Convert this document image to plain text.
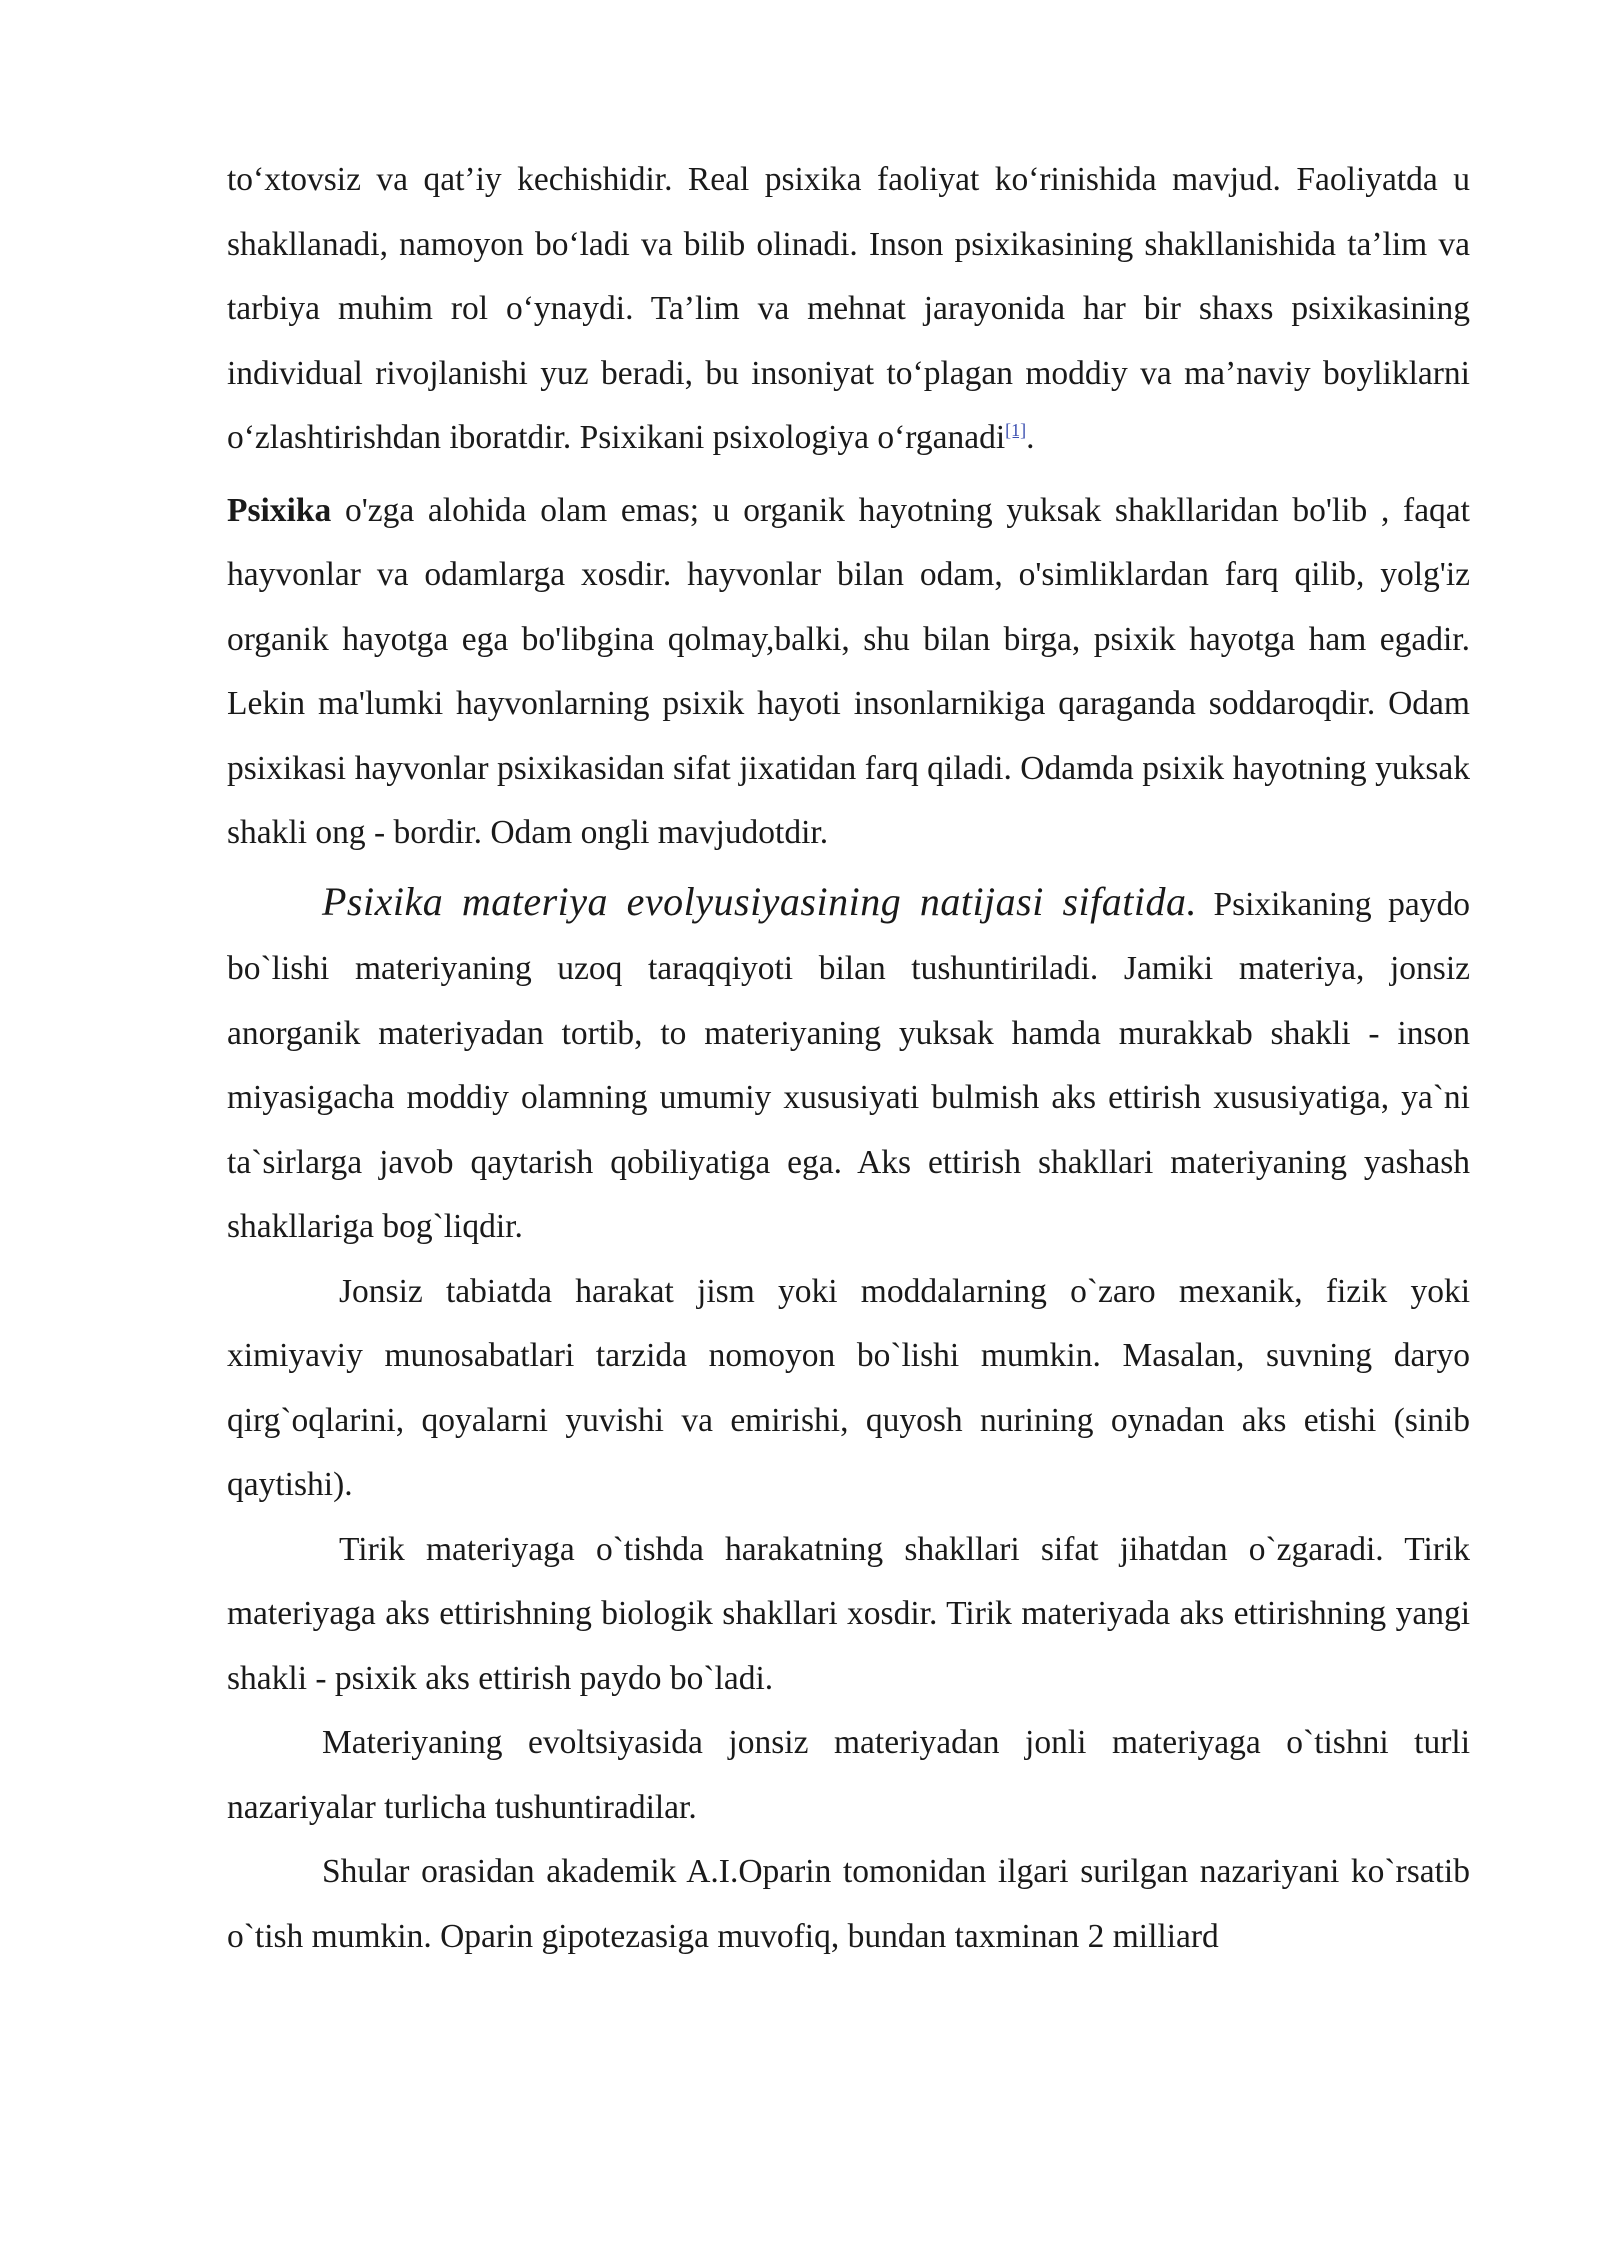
to‘xtovsiz va qat’iy kechishidir. Real psixika faoliyat ko‘rinishida mavjud. Faoliyatda u shakllanadi, namoyon bo‘ladi va bilib olinadi. Inson psixikasining shakllanishida ta’lim va tarbiya muhim rol o‘ynaydi. Ta’lim va mehnat jarayonida har bir shaxs psixikasining individual rivojlanishi yuz beradi, bu insoniyat to‘plagan moddiy va ma’naviy boyliklarni o‘zlashtirishdan iboratdir. Psixikani psixologiya o‘rganadi[1].

Psixika o'zga alohida olam emas; u organik hayotning yuksak shakllaridan bo'lib , faqat hayvonlar va odamlarga xosdir. hayvonlar bilan odam, o'simliklardan farq qilib, yolg'iz organik hayotga ega bo'libgina qolmay,balki, shu bilan birga, psixik hayotga ham egadir. Lekin ma'lumki hayvonlarning psixik hayoti insonlarnikiga qaraganda soddaroqdir. Odam psixikasi hayvonlar psixikasidan sifat jixatidan farq qiladi. Odamda psixik hayotning yuksak shakli ong - bordir. Odam ongli mavjudotdir.

Psixika materiya evolyusiyasining natijasi sifatida. Psixikaning paydo bo`lishi materiyaning uzoq taraqqiyoti bilan tushuntiriladi. Jamiki materiya, jonsiz anorganik materiyadan tortib, to materiyaning yuksak hamda murakkab shakli - inson miyasigacha moddiy olamning umumiy xususiyati bulmish aks ettirish xususiyatiga, ya`ni ta`sirlarga javob qaytarish qobiliyatiga ega. Aks ettirish shakllari materiyaning yashash shakllariga bog`liqdir.

Jonsiz tabiatda harakat jism yoki moddalarning o`zaro mexanik, fizik yoki ximiyaviy munosabatlari tarzida nomoyon bo`lishi mumkin. Masalan, suvning daryo qirg`oqlarini, qoyalarni yuvishi va emirishi, quyosh nurining oynadan aks etishi (sinib qaytishi).

Tirik materiyaga o`tishda harakatning shakllari sifat jihatdan o`zgaradi. Tirik materiyaga aks ettirishning biologik shakllari xosdir. Tirik materiyada aks ettirishning yangi shakli - psixik aks ettirish paydo bo`ladi.

Materiyaning evoltsiyasida jonsiz materiyadan jonli materiyaga o`tishni turli nazariyalar turlicha tushuntiradilar.

Shular orasidan akademik A.I.Oparin tomonidan ilgari surilgan nazariyani ko`rsatib o`tish mumkin. Oparin gipotezasiga muvofiq, bundan taxminan 2 milliard
